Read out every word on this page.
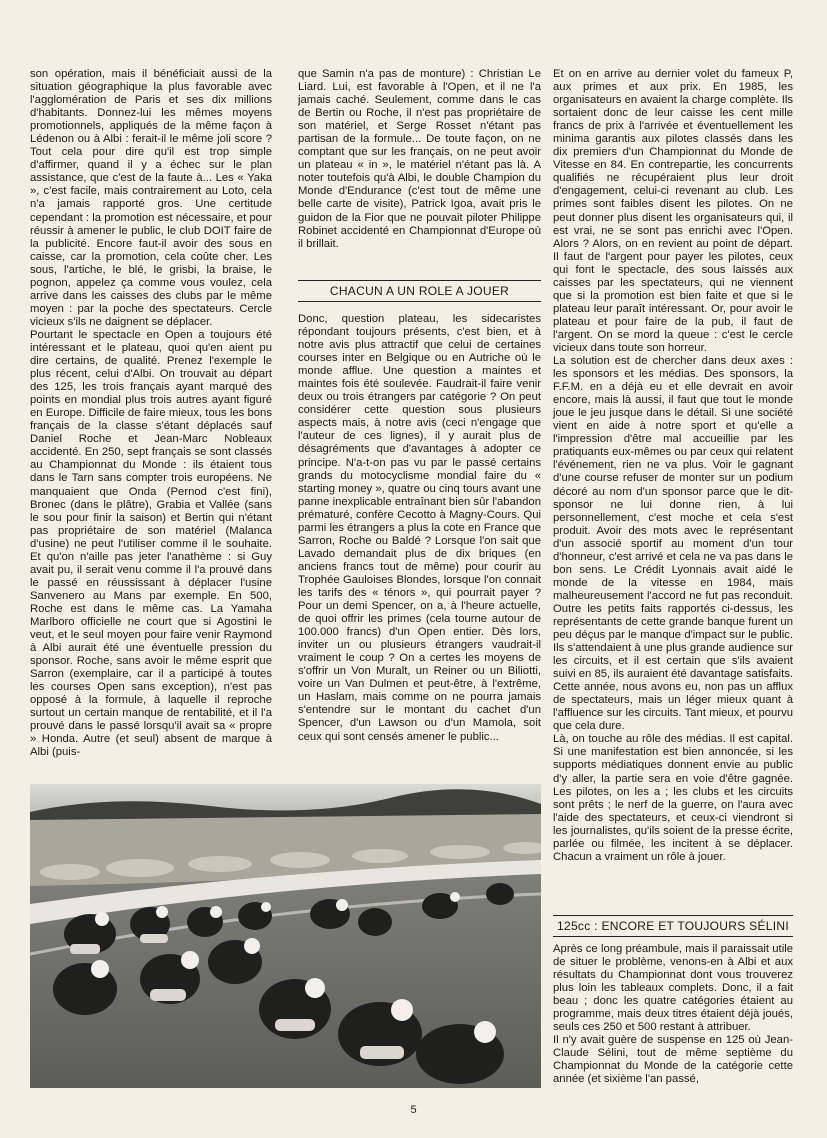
son opération, mais il bénéficiait aussi de la situation géographique la plus favorable avec l'agglomération de Paris et ses dix millions d'habitants. Donnez-lui les mêmes moyens promotionnels, appliqués de la même façon à Lédenon ou à Albi : ferait-il le même joli score ? Tout cela pour dire qu'il est trop simple d'affirmer, quand il y a échec sur le plan assistance, que c'est de la faute à... Les « Yaka », c'est facile, mais contrairement au Loto, cela n'a jamais rapporté gros. Une certitude cependant : la promotion est nécessaire, et pour réussir à amener le public, le club DOIT faire de la publicité. Encore faut-il avoir des sous en caisse, car la promotion, cela coûte cher. Les sous, l'artiche, le blé, le grisbi, la braise, le pognon, appelez ça comme vous voulez, cela arrive dans les caisses des clubs par le même moyen : par la poche des spectateurs. Cercle vicieux s'ils ne daignent se déplacer.

Pourtant le spectacle en Open a toujours été intéressant et le plateau, quoi qu'en aient pu dire certains, de qualité. Prenez l'exemple le plus récent, celui d'Albi. On trouvait au départ des 125, les trois français ayant marqué des points en mondial plus trois autres ayant figuré en Europe. Difficile de faire mieux, tous les bons français de la classe s'étant déplacés sauf Daniel Roche et Jean-Marc Nobleaux accidenté. En 250, sept français se sont classés au Championnat du Monde : ils étaient tous dans le Tarn sans compter trois européens. Ne manquaient que Onda (Pernod c'est fini), Bronec (dans le plâtre), Grabia et Vallée (sans le sou pour finir la saison) et Bertin qui n'étant pas propriétaire de son matériel (Malanca d'usine) ne peut l'utiliser comme il le souhaite. Et qu'on n'aille pas jeter l'anathème : si Guy avait pu, il serait venu comme il l'a prouvé dans le passé en réussissant à déplacer l'usine Sanvenero au Mans par exemple. En 500, Roche est dans le même cas. La Yamaha Marlboro officielle ne court que si Agostini le veut, et le seul moyen pour faire venir Raymond à Albi aurait été une éventuelle pression du sponsor. Roche, sans avoir le même esprit que Sarron (exemplaire, car il a participé à toutes les courses Open sans exception), n'est pas opposé à la formule, à laquelle il reproche surtout un certain manque de rentabilité, et il l'a prouvé dans le passé lorsqu'il avait sa « propre » Honda. Autre (et seul) absent de marque à Albi (puis-

que Samin n'a pas de monture) : Christian Le Liard. Lui, est favorable à l'Open, et il ne l'a jamais caché. Seulement, comme dans le cas de Bertin ou Roche, il n'est pas propriétaire de son matériel, et Serge Rosset n'étant pas partisan de la formule... De toute façon, on ne comptant que sur les français, on ne peut avoir un plateau « in », le matériel n'étant pas là. A noter toutefois qu'à Albi, le double Champion du Monde d'Endurance (c'est tout de même une belle carte de visite), Patrick Igoa, avait pris le guidon de la Fior que ne pouvait piloter Philippe Robinet accidenté en Championnat d'Europe où il brillait.

CHACUN A UN ROLE A JOUER

Donc, question plateau, les sidecaristes répondant toujours présents, c'est bien, et à notre avis plus attractif que celui de certaines courses inter en Belgique ou en Autriche où le monde afflue. Une question a maintes et maintes fois été soulevée. Faudrait-il faire venir deux ou trois étrangers par catégorie ? On peut considérer cette question sous plusieurs aspects mais, à notre avis (ceci n'engage que l'auteur de ces lignes), il y aurait plus de désagréments que d'avantages à adopter ce principe. N'a-t-on pas vu par le passé certains grands du motocyclisme mondial faire du « starting money », quatre ou cinq tours avant une panne inexplicable entraînant bien sûr l'abandon prématuré, confère Cecotto à Magny-Cours. Qui parmi les étrangers a plus la cote en France que Sarron, Roche ou Baldé ? Lorsque l'on sait que Lavado demandait plus de dix briques (en anciens francs tout de même) pour courir au Trophée Gauloises Blondes, lorsque l'on connait les tarifs des « ténors », qui pourrait payer ? Pour un demi Spencer, on a, à l'heure actuelle, de quoi offrir les primes (cela tourne autour de 100.000 francs) d'un Open entier. Dès lors, inviter un ou plusieurs étrangers vaudrait-il vraiment le coup ? On a certes les moyens de s'offrir un Von Muralt, un Reiner ou un Biliotti, voire un Van Dulmen et peut-être, à l'extrême, un Haslam, mais comme on ne pourra jamais s'entendre sur le montant du cachet d'un Spencer, d'un Lawson ou d'un Mamola, soit ceux qui sont censés amener le public...

Et on en arrive au dernier volet du fameux P, aux primes et aux prix. En 1985, les organisateurs en avaient la charge complète. Ils sortaient donc de leur caisse les cent mille francs de prix à l'arrivée et éventuellement les minima garantis aux pilotes classés dans les dix premiers d'un Championnat du Monde de Vitesse en 84. En contrepartie, les concurrents qualifiés ne récupéraient plus leur droit d'engagement, celui-ci revenant au club. Les primes sont faibles disent les pilotes. On ne peut donner plus disent les organisateurs qui, il est vrai, ne se sont pas enrichi avec l'Open. Alors ? Alors, on en revient au point de départ. Il faut de l'argent pour payer les pilotes, ceux qui font le spectacle, des sous laissés aux caisses par les spectateurs, qui ne viennent que si la promotion est bien faite et que si le plateau leur paraît intéressant. Or, pour avoir le plateau et pour faire de la pub, il faut de l'argent. On se mord la queue : c'est le cercle vicieux dans toute son horreur.

La solution est de chercher dans deux axes : les sponsors et les médias. Des sponsors, la F.F.M. en a déjà eu et elle devrait en avoir encore, mais là aussi, il faut que tout le monde joue le jeu jusque dans le détail. Si une société vient en aide à notre sport et qu'elle a l'impression d'être mal accueillie par les pratiquants eux-mêmes ou par ceux qui relatent l'événement, rien ne va plus. Voir le gagnant d'une course refuser de monter sur un podium décoré au nom d'un sponsor parce que le dit-sponsor ne lui donne rien, à lui personnellement, c'est moche et cela s'est produit. Avoir des mots avec le représentant d'un associé sportif au moment d'un tour d'honneur, c'est arrivé et cela ne va pas dans le bon sens. Le Crédit Lyonnais avait aidé le monde de la vitesse en 1984, mais malheureusement l'accord ne fut pas reconduit. Outre les petits faits rapportés ci-dessus, les représentants de cette grande banque furent un peu déçus par le manque d'impact sur le public. Ils s'attendaient à une plus grande audience sur les circuits, et il est certain que s'ils avaient suivi en 85, ils auraient été davantage satisfaits. Cette année, nous avons eu, non pas un afflux de spectateurs, mais un léger mieux quant à l'affluence sur les circuits. Tant mieux, et pourvu que cela dure.

Là, on touche au rôle des médias. Il est capital. Si une manifestation est bien annoncée, si les supports médiatiques donnent envie au public d'y aller, la partie sera en voie d'être gagnée. Les pilotes, on les a ; les clubs et les circuits sont prêts ; le nerf de la guerre, on l'aura avec l'aide des spectateurs, et ceux-ci viendront si les journalistes, qu'ils soient de la presse écrite, parlée ou filmée, les incitent à se déplacer. Chacun a vraiment un rôle à jouer.

125cc : ENCORE ET TOUJOURS SÉLINI

Après ce long préambule, mais il paraissait utile de situer le problème, venons-en à Albi et aux résultats du Championnat dont vous trouverez plus loin les tableaux complets. Donc, il a fait beau ; donc les quatre catégories étaient au programme, mais deux titres étaient déjà joués, seuls ces 250 et 500 restant à attribuer.

Il n'y avait guère de suspense en 125 où Jean-Claude Sélini, tout de même septième du Championnat du Monde de la catégorie cette année (et sixième l'an passé,

5
